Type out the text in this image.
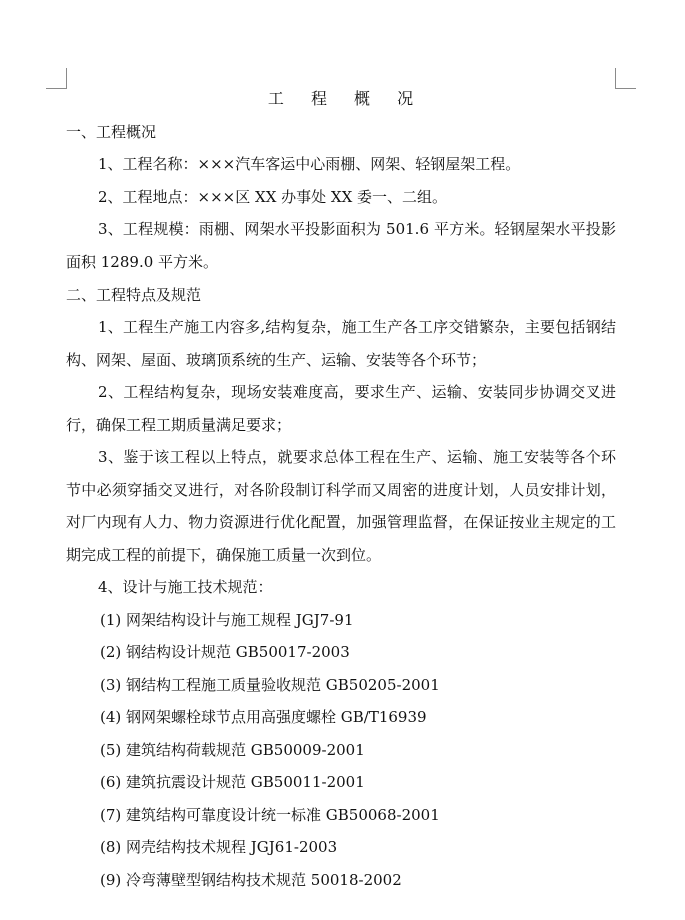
工 程 概 况
一、工程概况

1、工程名称：×××汽车客运中心雨棚、网架、轻钢屋架工程。

2、工程地点：×××区 XX 办事处 XX 委一、二组。

3、工程规模：雨棚、网架水平投影面积为 501.6 平方米。轻钢屋架水平投影面积 1289.0 平方米。

二、工程特点及规范

1、工程生产施工内容多,结构复杂，施工生产各工序交错繁杂，主要包括钢结构、网架、屋面、玻璃顶系统的生产、运输、安装等各个环节；

2、工程结构复杂，现场安装难度高，要求生产、运输、安装同步协调交叉进行，确保工程工期质量满足要求；

3、鉴于该工程以上特点，就要求总体工程在生产、运输、施工安装等各个环节中必须穿插交叉进行，对各阶段制订科学而又周密的进度计划，人员安排计划，对厂内现有人力、物力资源进行优化配置，加强管理监督，在保证按业主规定的工期完成工程的前提下，确保施工质量一次到位。

4、设计与施工技术规范：

(1) 网架结构设计与施工规程 JGJ7-91

(2) 钢结构设计规范 GB50017-2003

(3) 钢结构工程施工质量验收规范 GB50205-2001

(4) 钢网架螺栓球节点用高强度螺栓 GB/T16939

(5) 建筑结构荷载规范 GB50009-2001

(6) 建筑抗震设计规范 GB50011-2001

(7) 建筑结构可靠度设计统一标准 GB50068-2001

(8) 网壳结构技术规程 JGJ61-2003

(9) 冷弯薄壁型钢结构技术规范 50018-2002
